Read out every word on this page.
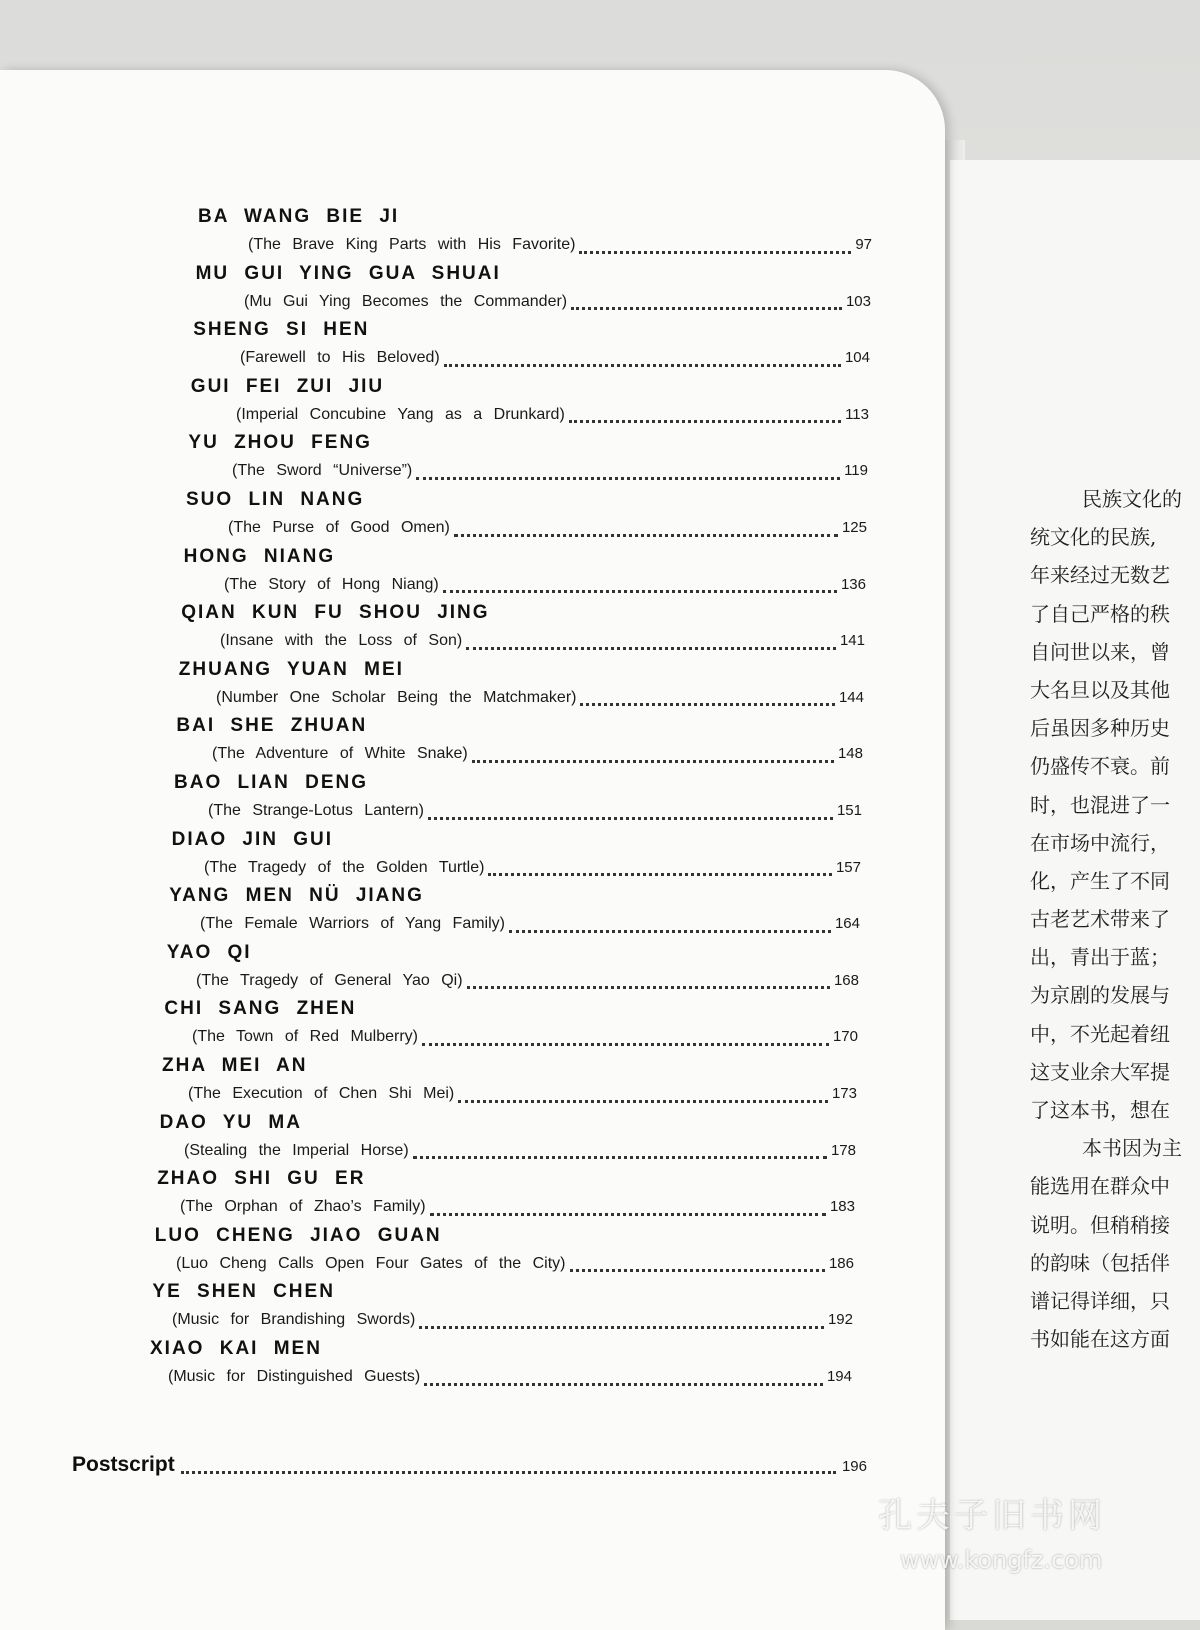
BA WANG BIE JI
(The Brave King Parts with His Favorite)	97
MU GUI YING GUA SHUAI
(Mu Gui Ying Becomes the Commander)	103
SHENG SI HEN
(Farewell to His Beloved)	104
GUI FEI ZUI JIU
(Imperial Concubine Yang as a Drunkard)	113
YU ZHOU FENG
(The Sword “Universe”)	119
SUO LIN NANG
(The Purse of Good Omen)	125
HONG NIANG
(The Story of Hong Niang)	136
QIAN KUN FU SHOU JING
(Insane with the Loss of Son)	141
ZHUANG YUAN MEI
(Number One Scholar Being the Matchmaker)	144
BAI SHE ZHUAN
(The Adventure of White Snake)	148
BAO LIAN DENG
(The Strange-Lotus Lantern)	151
DIAO JIN GUI
(The Tragedy of the Golden Turtle)	157
YANG MEN NÜ JIANG
(The Female Warriors of Yang Family)	164
YAO QI
(The Tragedy of General Yao Qi)	168
CHI SANG ZHEN
(The Town of Red Mulberry)	170
ZHA MEI AN
(The Execution of Chen Shi Mei)	173
DAO YU MA
(Stealing the Imperial Horse)	178
ZHAO SHI GU ER
(The Orphan of Zhao’s Family)	183
LUO CHENG JIAO GUAN
(Luo Cheng Calls Open Four Gates of the City)	186
YE SHEN CHEN
(Music for Brandishing Swords)	192
XIAO KAI MEN
(Music for Distinguished Guests)	194
Postscript	196
民族文化的
统文化的民族,
年来经过无数艺
了自己严格的秩
自问世以来，曾
大名旦以及其他
后虽因多种历史
仍盛传不衰。前
时，也混进了一
在市场中流行，
化，产生了不同
古老艺术带来了
出，青出于蓝；
为京剧的发展与
中，不光起着纽
这支业余大军提
了这本书，想在
本书因为主
能选用在群众中
说明。但稍稍接
的韵味（包括伴
谱记得详细，只
书如能在这方面
孔夫子旧书网
www.kongfz.com
